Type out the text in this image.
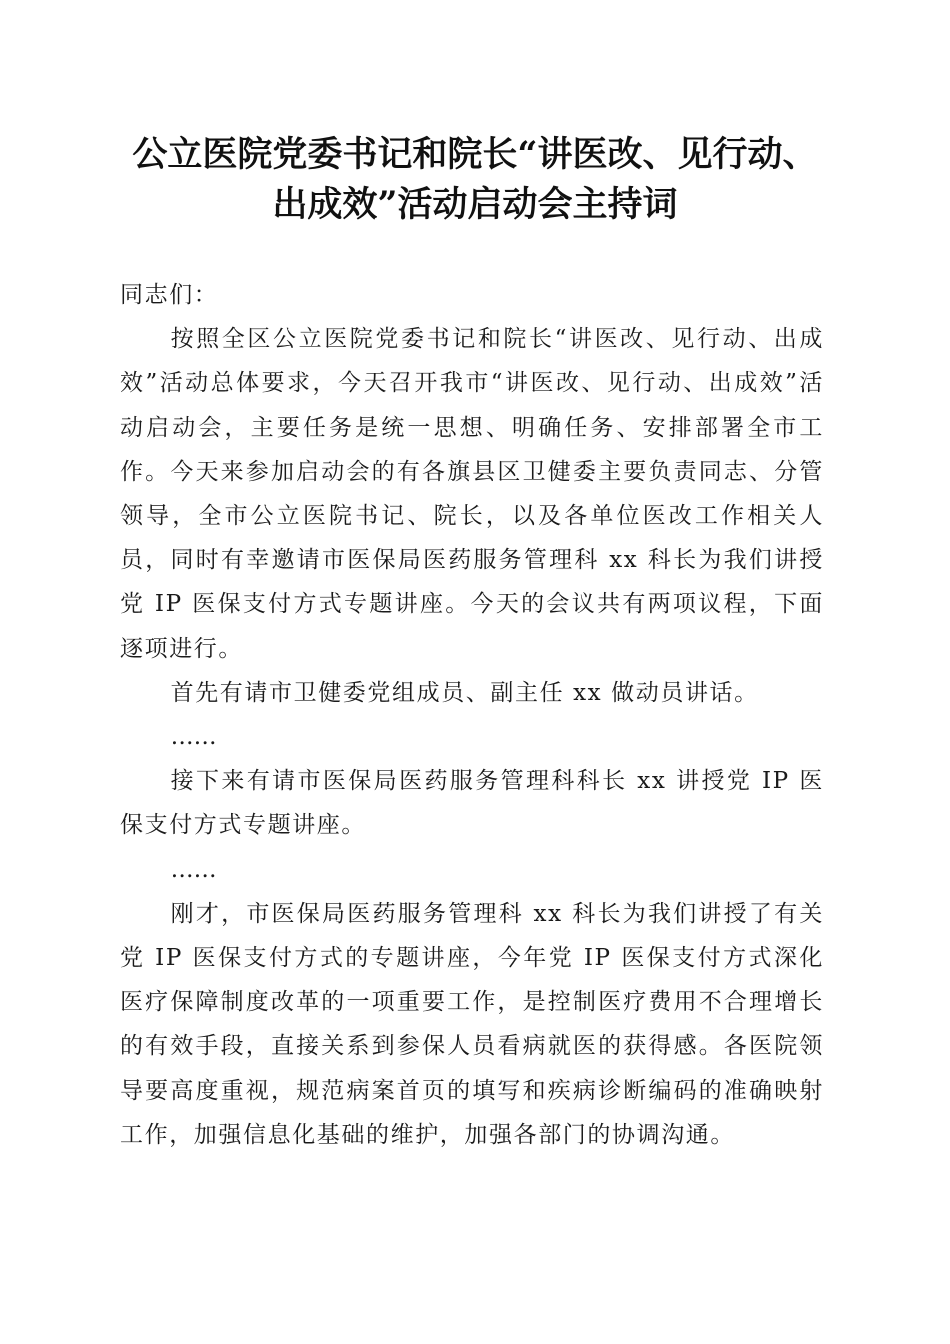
公立医院党委书记和院长“讲医改、见行动、
出成效”活动启动会主持词

同志们：

按照全区公立医院党委书记和院长“讲医改、见行动、出成效”活动总体要求，今天召开我市“讲医改、见行动、出成效”活动启动会，主要任务是统一思想、明确任务、安排部署全市工作。今天来参加启动会的有各旗县区卫健委主要负责同志、分管领导，全市公立医院书记、院长，以及各单位医改工作相关人员，同时有幸邀请市医保局医药服务管理科 xx 科长为我们讲授党 IP 医保支付方式专题讲座。今天的会议共有两项议程，下面逐项进行。

首先有请市卫健委党组成员、副主任 xx 做动员讲话。

……

接下来有请市医保局医药服务管理科科长 xx 讲授党 IP 医保支付方式专题讲座。

……

刚才，市医保局医药服务管理科 xx 科长为我们讲授了有关党 IP 医保支付方式的专题讲座，今年党 IP 医保支付方式深化医疗保障制度改革的一项重要工作，是控制医疗费用不合理增长的有效手段，直接关系到参保人员看病就医的获得感。各医院领导要高度重视，规范病案首页的填写和疾病诊断编码的准确映射工作，加强信息化基础的维护，加强各部门的协调沟通。
